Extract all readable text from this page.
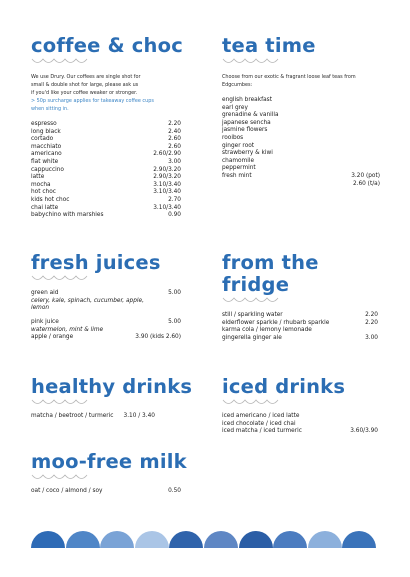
coffee & choc
We use Drury. Our coffees are single shot for
small & double shot for large, please ask us
if you'd like your coffee weaker or stronger.
> 50p surcharge applies for takeaway coffee cups
when sitting in.
espresso	2.20
long black	2.40
cortado	2.60
macchiato	2.60
americano	2.60/2.90
flat white	3.00
cappuccino	2.90/3.20
latte	2.90/3.20
mocha	3.10/3.40
hot choc	3.10/3.40
kids hot choc	2.70
chai latte	3.10/3.40
babychino with marshies	0.90
tea time
Choose from our exotic & fragrant loose leaf teas from
Edgcumbes:
english breakfast
earl grey
grenadine & vanilla
japanese sencha
jasmine flowers
rooibos
ginger root
strawberry & kiwi
chamomile
peppermint
fresh mint	3.20 (pot)
2.60 (t/a)
fresh juices
green aid	5.00
celery, kale, spinach, cucumber, apple,
lemon
pink juice	5.00
watermelon, mint & lime
apple / orange	3.90 (kids 2.60)
from the fridge
still / sparkling water	2.20
elderflower sparkle / rhubarb sparkle	2.20
karma cola / lemony lemonade
gingerella ginger ale	3.00
healthy drinks
matcha / beetroot / turmeric 3.10 / 3.40
iced drinks
iced americano / iced latte
iced chocolate / iced chai
iced matcha / iced turmeric	3.60/3.90
moo-free milk
oat / coco / almond / soy	0.50
